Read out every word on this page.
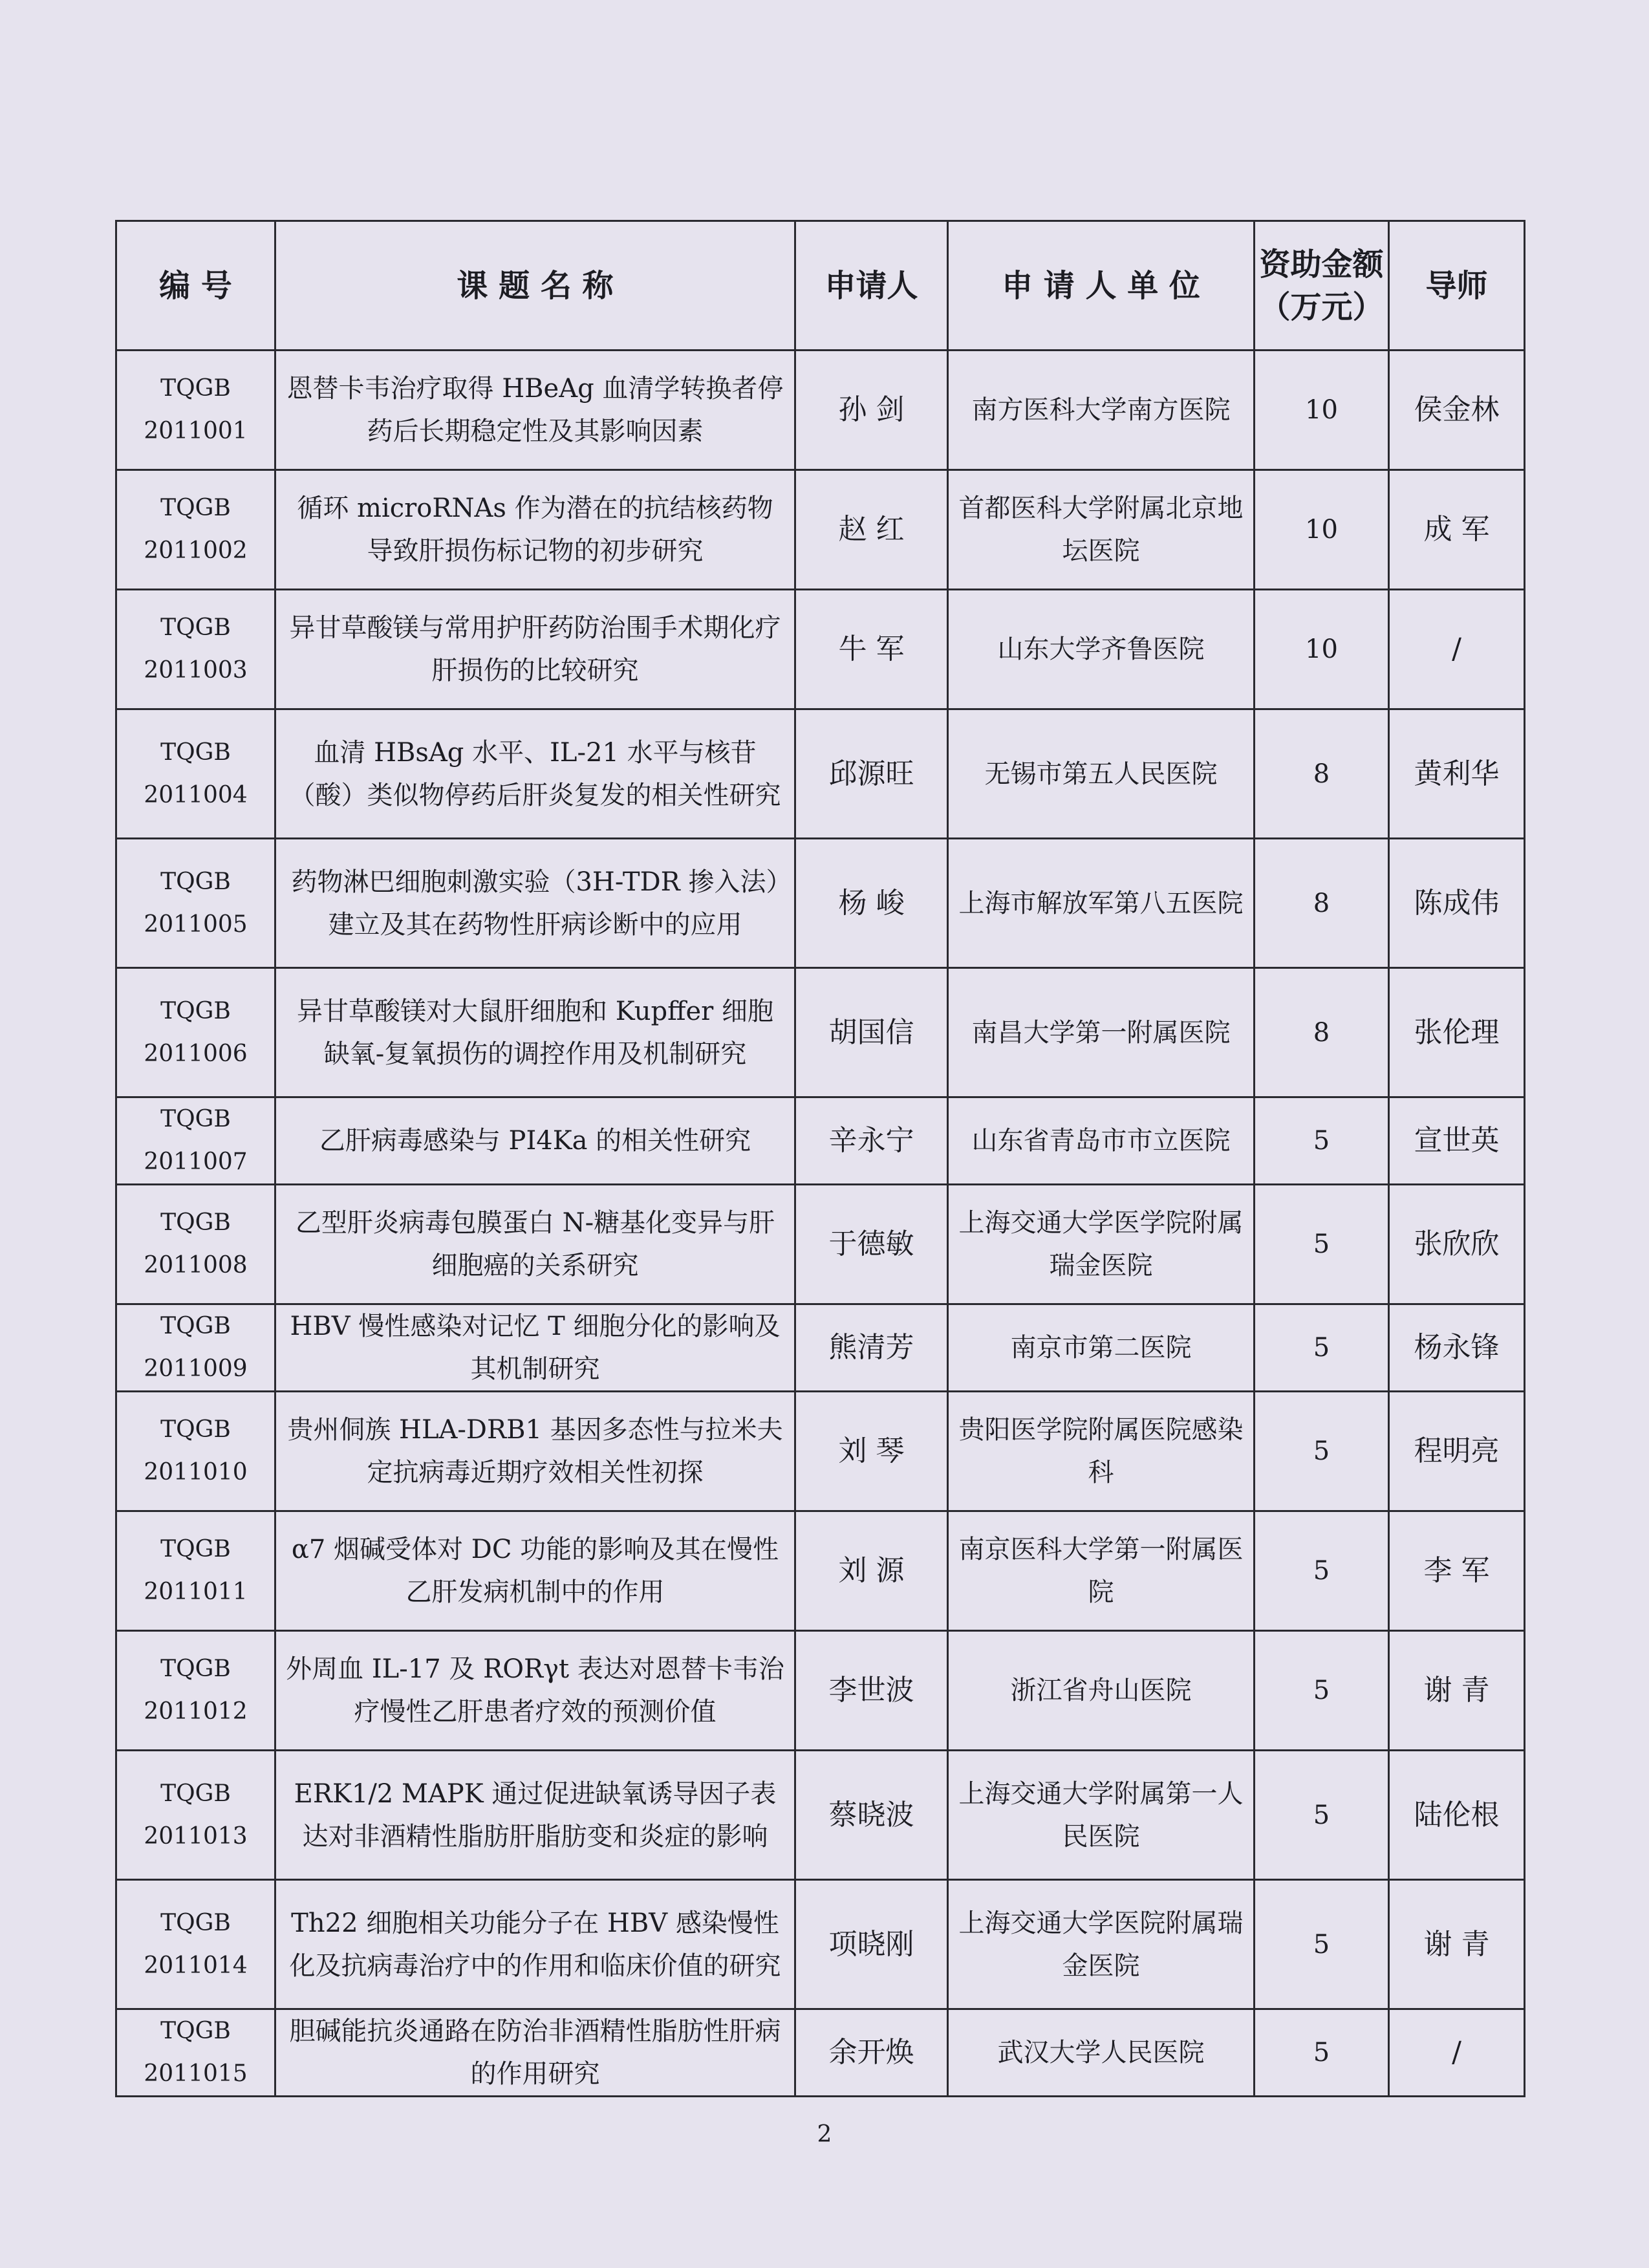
编 号	课 题 名 称	申请人	申 请 人 单 位	资助金额（万元）	导师

TQGB
2011001	恩替卡韦治疗取得 HBeAg 血清学转换者停药后长期稳定性及其影响因素	孙 剑	南方医科大学南方医院	10	侯金林

TQGB
2011002	循环 microRNAs 作为潜在的抗结核药物导致肝损伤标记物的初步研究	赵 红	首都医科大学附属北京地坛医院	10	成 军

TQGB
2011003	异甘草酸镁与常用护肝药防治围手术期化疗肝损伤的比较研究	牛 军	山东大学齐鲁医院	10	/

TQGB
2011004	血清 HBsAg 水平、IL-21 水平与核苷（酸）类似物停药后肝炎复发的相关性研究	邱源旺	无锡市第五人民医院	8	黄利华

TQGB
2011005	药物淋巴细胞刺激实验（3H-TDR 掺入法）建立及其在药物性肝病诊断中的应用	杨 峻	上海市解放军第八五医院	8	陈成伟

TQGB
2011006	异甘草酸镁对大鼠肝细胞和 Kupffer 细胞缺氧-复氧损伤的调控作用及机制研究	胡国信	南昌大学第一附属医院	8	张伦理

TQGB
2011007	乙肝病毒感染与 PI4Ka 的相关性研究	辛永宁	山东省青岛市市立医院	5	宣世英

TQGB
2011008	乙型肝炎病毒包膜蛋白 N-糖基化变异与肝细胞癌的关系研究	于德敏	上海交通大学医学院附属瑞金医院	5	张欣欣

TQGB
2011009	HBV 慢性感染对记忆 T 细胞分化的影响及其机制研究	熊清芳	南京市第二医院	5	杨永锋

TQGB
2011010	贵州侗族 HLA-DRB1 基因多态性与拉米夫定抗病毒近期疗效相关性初探	刘 琴	贵阳医学院附属医院感染科	5	程明亮

TQGB
2011011	α7 烟碱受体对 DC 功能的影响及其在慢性乙肝发病机制中的作用	刘 源	南京医科大学第一附属医院	5	李 军

TQGB
2011012	外周血 IL-17 及 RORγt 表达对恩替卡韦治疗慢性乙肝患者疗效的预测价值	李世波	浙江省舟山医院	5	谢 青

TQGB
2011013	ERK1/2 MAPK 通过促进缺氧诱导因子表达对非酒精性脂肪肝脂肪变和炎症的影响	蔡晓波	上海交通大学附属第一人民医院	5	陆伦根

TQGB
2011014	Th22 细胞相关功能分子在 HBV 感染慢性化及抗病毒治疗中的作用和临床价值的研究	项晓刚	上海交通大学医院附属瑞金医院	5	谢 青

TQGB
2011015	胆碱能抗炎通路在防治非酒精性脂肪性肝病的作用研究	余开焕	武汉大学人民医院	5	/
2
